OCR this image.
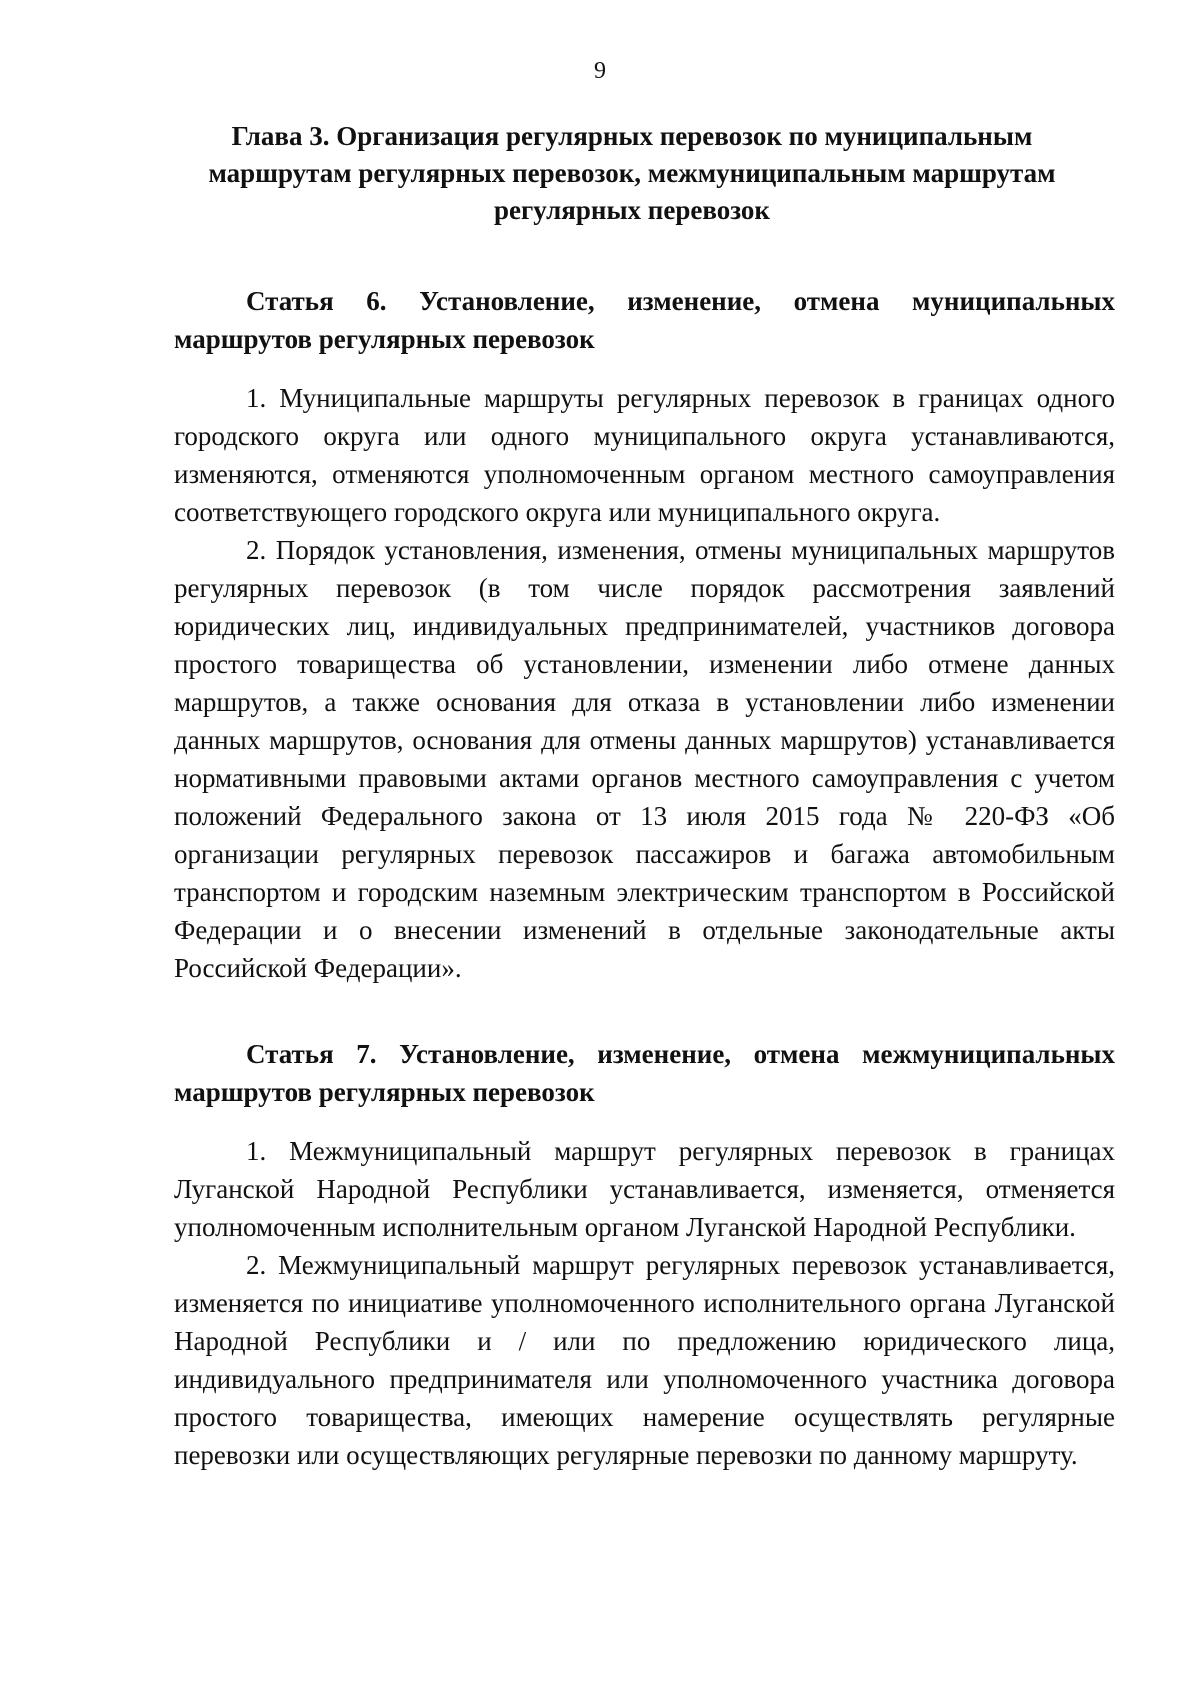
9
Глава 3. Организация регулярных перевозок по муниципальным маршрутам регулярных перевозок, межмуниципальным маршрутам регулярных перевозок

Статья 6. Установление, изменение, отмена муниципальных маршрутов регулярных перевозок

1. Муниципальные маршруты регулярных перевозок в границах одного городского округа или одного муниципального округа устанавливаются, изменяются, отменяются уполномоченным органом местного самоуправления соответствующего городского округа или муниципального округа.

2. Порядок установления, изменения, отмены муниципальных маршрутов регулярных перевозок (в том числе порядок рассмотрения заявлений юридических лиц, индивидуальных предпринимателей, участников договора простого товарищества об установлении, изменении либо отмене данных маршрутов, а также основания для отказа в установлении либо изменении данных маршрутов, основания для отмены данных маршрутов) устанавливается нормативными правовыми актами органов местного самоуправления с учетом положений Федерального закона от 13 июля 2015 года № 220-ФЗ «Об организации регулярных перевозок пассажиров и багажа автомобильным транспортом и городским наземным электрическим транспортом в Российской Федерации и о внесении изменений в отдельные законодательные акты Российской Федерации».

Статья 7. Установление, изменение, отмена межмуниципальных маршрутов регулярных перевозок

1. Межмуниципальный маршрут регулярных перевозок в границах Луганской Народной Республики устанавливается, изменяется, отменяется уполномоченным исполнительным органом Луганской Народной Республики.

2. Межмуниципальный маршрут регулярных перевозок устанавливается, изменяется по инициативе уполномоченного исполнительного органа Луганской Народной Республики и / или по предложению юридического лица, индивидуального предпринимателя или уполномоченного участника договора простого товарищества, имеющих намерение осуществлять регулярные перевозки или осуществляющих регулярные перевозки по данному маршруту.
